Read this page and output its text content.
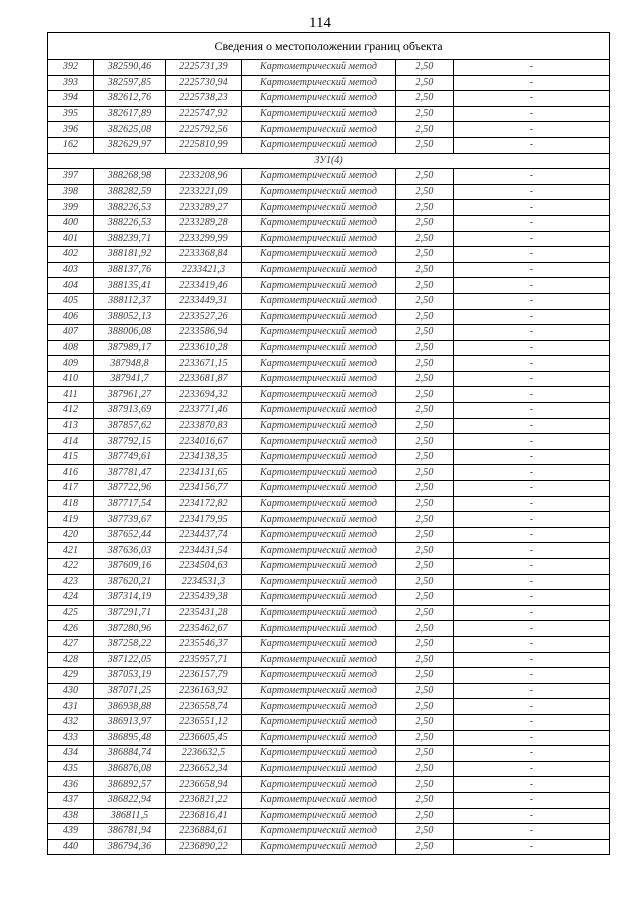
114
Сведения о местоположении границ объекта					
392	382590,46	2225731,39	Картометрический метод	2,50	-
393	382597,85	2225730,94	Картометрический метод	2,50	-
394	382612,76	2225738,23	Картометрический метод	2,50	-
395	382617,89	2225747,92	Картометрический метод	2,50	-
396	382625,08	2225792,56	Картометрический метод	2,50	-
162	382629,97	2225810,99	Картометрический метод	2,50	-
ЗУ1(4)					
397	388268,98	2233208,96	Картометрический метод	2,50	-
398	388282,59	2233221,09	Картометрический метод	2,50	-
399	388226,53	2233289,27	Картометрический метод	2,50	-
400	388226,53	2233289,28	Картометрический метод	2,50	-
401	388239,71	2233299,99	Картометрический метод	2,50	-
402	388181,92	2233368,84	Картометрический метод	2,50	-
403	388137,76	2233421,3	Картометрический метод	2,50	-
404	388135,41	2233419,46	Картометрический метод	2,50	-
405	388112,37	2233449,31	Картометрический метод	2,50	-
406	388052,13	2233527,26	Картометрический метод	2,50	-
407	388006,08	2233586,94	Картометрический метод	2,50	-
408	387989,17	2233610,28	Картометрический метод	2,50	-
409	387948,8	2233671,15	Картометрический метод	2,50	-
410	387941,7	2233681,87	Картометрический метод	2,50	-
411	387961,27	2233694,32	Картометрический метод	2,50	-
412	387913,69	2233771,46	Картометрический метод	2,50	-
413	387857,62	2233870,83	Картометрический метод	2,50	-
414	387792,15	2234016,67	Картометрический метод	2,50	-
415	387749,61	2234138,35	Картометрический метод	2,50	-
416	387781,47	2234131,65	Картометрический метод	2,50	-
417	387722,96	2234156,77	Картометрический метод	2,50	-
418	387717,54	2234172,82	Картометрический метод	2,50	-
419	387739,67	2234179,95	Картометрический метод	2,50	-
420	387652,44	2234437,74	Картометрический метод	2,50	-
421	387636,03	2234431,54	Картометрический метод	2,50	-
422	387609,16	2234504,63	Картометрический метод	2,50	-
423	387620,21	2234531,3	Картометрический метод	2,50	-
424	387314,19	2235439,38	Картометрический метод	2,50	-
425	387291,71	2235431,28	Картометрический метод	2,50	-
426	387280,96	2235462,67	Картометрический метод	2,50	-
427	387258,22	2235546,37	Картометрический метод	2,50	-
428	387122,05	2235957,71	Картометрический метод	2,50	-
429	387053,19	2236157,79	Картометрический метод	2,50	-
430	387071,25	2236163,92	Картометрический метод	2,50	-
431	386938,88	2236558,74	Картометрический метод	2,50	-
432	386913,97	2236551,12	Картометрический метод	2,50	-
433	386895,48	2236605,45	Картометрический метод	2,50	-
434	386884,74	2236632,5	Картометрический метод	2,50	-
435	386876,08	2236652,34	Картометрический метод	2,50	-
436	386892,57	2236658,94	Картометрический метод	2,50	-
437	386822,94	2236821,22	Картометрический метод	2,50	-
438	386811,5	2236816,41	Картометрический метод	2,50	-
439	386781,94	2236884,61	Картометрический метод	2,50	-
440	386794,36	2236890,22	Картометрический метод	2,50	-
